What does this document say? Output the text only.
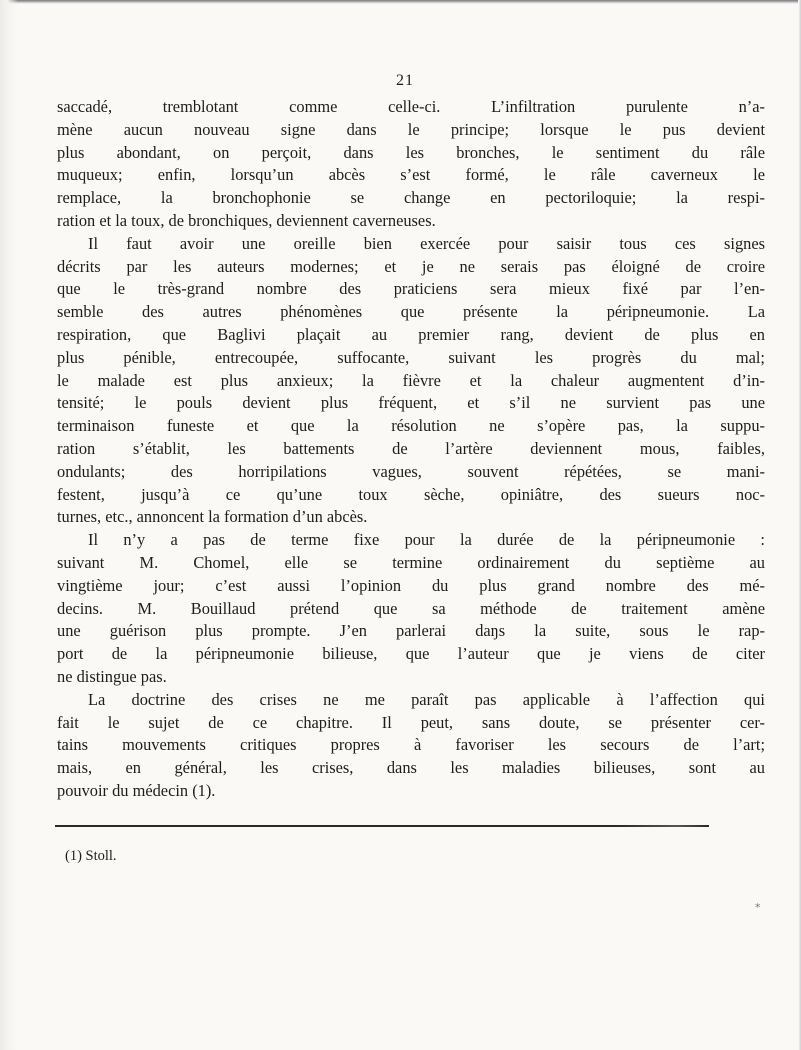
21

saccadé, tremblotant comme celle-ci. L’infiltration purulente n’a-

mène aucun nouveau signe dans le principe; lorsque le pus devient

plus abondant, on perçoit, dans les bronches, le sentiment du râle

muqueux; enfin, lorsqu’un abcès s’est formé, le râle caverneux le

remplace, la bronchophonie se change en pectoriloquie; la respi-

ration et la toux, de bronchiques, deviennent caverneuses.

Il faut avoir une oreille bien exercée pour saisir tous ces signes

décrits par les auteurs modernes; et je ne serais pas éloigné de croire

que le très-grand nombre des praticiens sera mieux fixé par l’en-

semble des autres phénomènes que présente la péripneumonie. La

respiration, que Baglivi plaçait au premier rang, devient de plus en

plus pénible, entrecoupée, suffocante, suivant les progrès du mal;

le malade est plus anxieux; la fièvre et la chaleur augmentent d’in-

tensité; le pouls devient plus fréquent, et s’il ne survient pas une

terminaison funeste et que la résolution ne s’opère pas, la suppu-

ration s’établit, les battements de l’artère deviennent mous, faibles,

ondulants; des horripilations vagues, souvent répétées, se mani-

festent, jusqu’à ce qu’une toux sèche, opiniâtre, des sueurs noc-

turnes, etc., annoncent la formation d’un abcès.

Il n’y a pas de terme fixe pour la durée de la péripneumonie :

suivant M. Chomel, elle se termine ordinairement du septième au

vingtième jour; c’est aussi l’opinion du plus grand nombre des mé-

decins. M. Bouillaud prétend que sa méthode de traitement amène

une guérison plus prompte. J’en parlerai daŋs la suite, sous le rap-

port de la péripneumonie bilieuse, que l’auteur que je viens de citer

ne distingue pas.

La doctrine des crises ne me paraît pas applicable à l’affection qui

fait le sujet de ce chapitre. Il peut, sans doute, se présenter cer-

tains mouvements critiques propres à favoriser les secours de l’art;

mais, en général, les crises, dans les maladies bilieuses, sont au

pouvoir du médecin (1).

(1) Stoll.
*
